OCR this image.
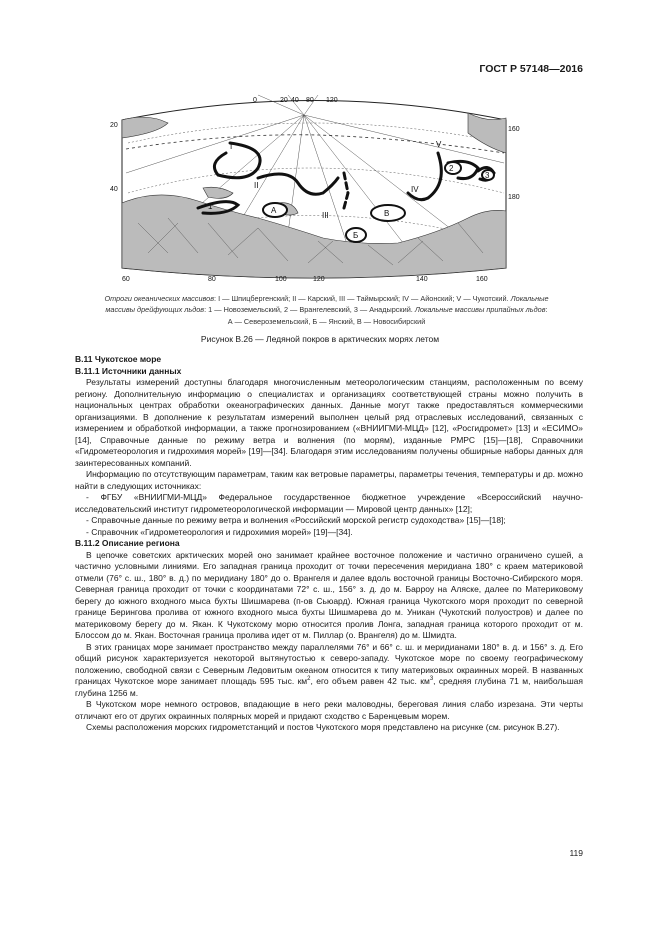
ГОСТ Р 57148—2016
0	20 40 80 120
20
40
160
180
60	80	100	120	140	160
I
II
III
IV
V
1
2
3
А
Б
В
Отроги океанических массивов: I — Шпицбергенский; II — Карский, III — Таймырский; IV — Айонский; V — Чукотский. Локальные массивы дрейфующих льдов: 1 — Новоземельский, 2 — Врангелевский, 3 — Анадырский. Локальные массивы припайных льдов: А — Североземельский, Б — Янский, В — Новосибирский
Рисунок В.26 — Ледяной покров в арктических морях летом

В.11 Чукотское море

В.11.1 Источники данных

Результаты измерений доступны благодаря многочисленным метеорологическим станциям, расположенным по всему региону. Дополнительную информацию о специалистах и организациях соответствующей страны можно получить в национальных центрах обработки океанографических данных. Данные могут также предоставляться коммерческими организациями. В дополнение к результатам измерений выполнен целый ряд отраслевых исследований, связанных с измерением и обработкой информации, а также прогнозированием («ВНИИГМИ-МЦД» [12], «Росгидромет» [13] и «ЕСИМО» [14], Справочные данные по режиму ветра и волнения (по морям), изданные РМРС [15]—[18], Справочники «Гидрометеорология и гидрохимия морей» [19]—[34]. Благодаря этим исследованиям получены обширные наборы данных для заинтересованных компаний.

Информацию по отсутствующим параметрам, таким как ветровые параметры, параметры течения, температуры и др. можно найти в следующих источниках:

- ФГБУ «ВНИИГМИ-МЦД» Федеральное государственное бюджетное учреждение «Всероссийский научно-исследовательский институт гидрометеорологической информации — Мировой центр данных» [12];

- Справочные данные по режиму ветра и волнения «Российский морской регистр судоходства» [15]—[18];

- Справочник «Гидрометеорология и гидрохимия морей» [19]—[34].

В.11.2 Описание региона

В цепочке советских арктических морей оно занимает крайнее восточное положение и частично ограничено сушей, а частично условными линиями. Его западная граница проходит от точки пересечения меридиана 180° с краем материковой отмели (76° с. ш., 180° в. д.) по меридиану 180° до о. Врангеля и далее вдоль восточной границы Восточно-Сибирского моря. Северная граница проходит от точки с координатами 72° с. ш., 156° з. д. до м. Барроу на Аляске, далее по Материковому берегу до южного входного мыса бухты Шишмарева (п-ов Сьюард). Южная граница Чукотского моря проходит по северной границе Берингова пролива от южного входного мыса бухты Шишмарева до м. Уникан (Чукотский полуостров) и далее по материковому берегу до м. Якан. К Чукотскому морю относится пролив Лонга, западная граница которого проходит от м. Блоссом до м. Якан. Восточная граница пролива идет от м. Пиллар (о. Врангеля) до м. Шмидта.

В этих границах море занимает пространство между параллелями 76° и 66° с. ш. и меридианами 180° в. д. и 156° з. д. Его общий рисунок характеризуется некоторой вытянутостью к северо-западу. Чукотское море по своему географическому положению, свободной связи с Северным Ледовитым океаном относится к типу материковых окраинных морей. В названных границах Чукотское море занимает площадь 595 тыс. $км^2$, его объем равен 42 тыс. $км^3$, средняя глубина 71 м, наибольшая глубина 1256 м.

В Чукотском море немного островов, впадающие в него реки маловодны, береговая линия слабо изрезана. Эти черты отличают его от других окраинных полярных морей и придают сходство с Баренцевым морем.

Схемы расположения морских гидрометстанций и постов Чукотского моря представлено на рисунке (см. рисунок В.27).

119
